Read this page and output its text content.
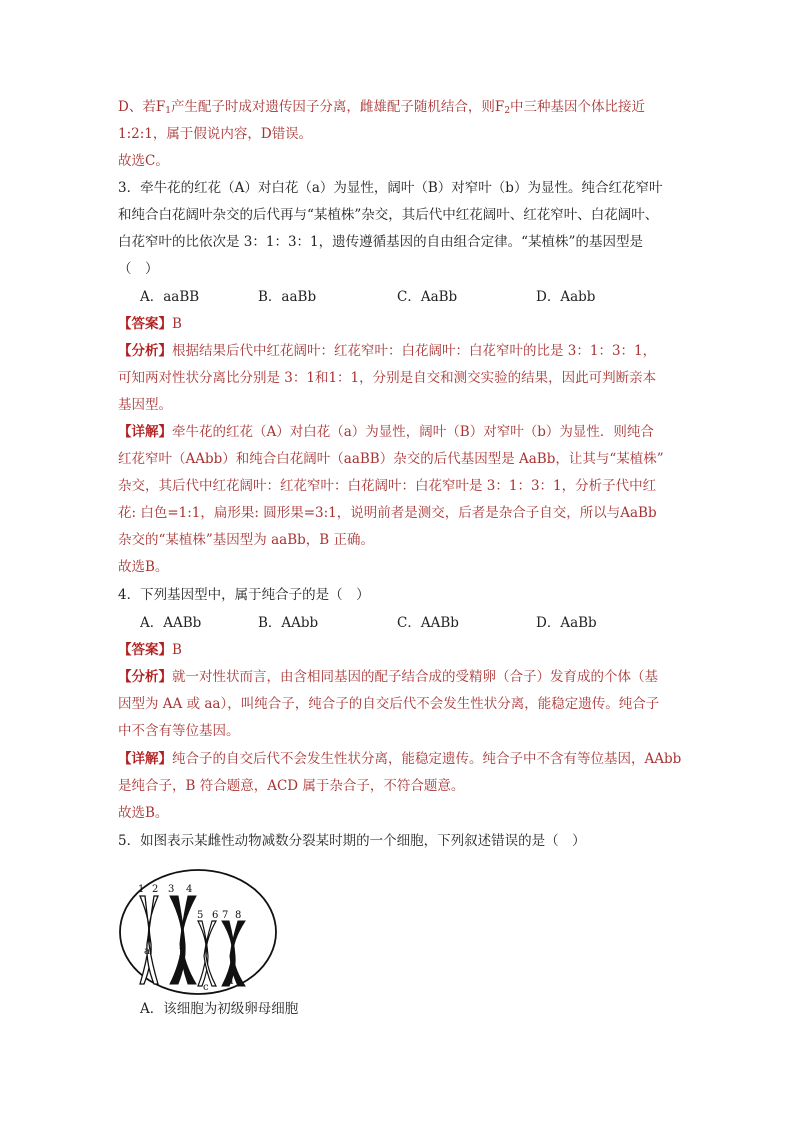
D、若$F_1$产生配子时成对遗传因子分离，雌雄配子随机结合，则$F_2$中三种基因个体比接近
1:2:1，属于假说内容，D错误。
故选C。
3．牵牛花的红花（A）对白花（a）为显性，阔叶（B）对窄叶（b）为显性。纯合红花窄叶
和纯合白花阔叶杂交的后代再与“某植株”杂交，其后代中红花阔叶、红花窄叶、白花阔叶、
白花窄叶的比依次是 3：1：3：1，遗传遵循基因的自由组合定律。“某植株”的基因型是
（　）
A．aaBB	B．aaBb	C．AaBb	D．Aabb
【答案】B
【分析】根据结果后代中红花阔叶：红花窄叶：白花阔叶：白花窄叶的比是 3：1：3：1，
可知两对性状分离比分别是 3：1和1：1，分别是自交和测交实验的结果，因此可判断亲本
基因型。
【详解】牵牛花的红花（A）对白花（a）为显性，阔叶（B）对窄叶（b）为显性．则纯合
红花窄叶（AAbb）和纯合白花阔叶（aaBB）杂交的后代基因型是 AaBb，让其与“某植株”
杂交，其后代中红花阔叶：红花窄叶：白花阔叶：白花窄叶是 3：1：3：1，分析子代中红
花: 白色=1:1，扁形果: 圆形果=3:1，说明前者是测交，后者是杂合子自交，所以与AaBb
杂交的“某植株”基因型为 aaBb，B 正确。
故选B。
4．下列基因型中，属于纯合子的是（　）
A．AABb	B．AAbb	C．AABb	D．AaBb
【答案】B
【分析】就一对性状而言，由含相同基因的配子结合成的受精卵（合子）发育成的个体（基
因型为 AA 或 aa），叫纯合子，纯合子的自交后代不会发生性状分离，能稳定遗传。纯合子
中不含有等位基因。
【详解】纯合子的自交后代不会发生性状分离，能稳定遗传。纯合子中不含有等位基因，AAbb
是纯合子，B 符合题意，ACD 属于杂合子，不符合题意。
故选B。
5．如图表示某雌性动物减数分裂某时期的一个细胞，下列叙述错误的是（　）
1 2 3 4
5 6 7 8
a	b
c
d
A．该细胞为初级卵母细胞
